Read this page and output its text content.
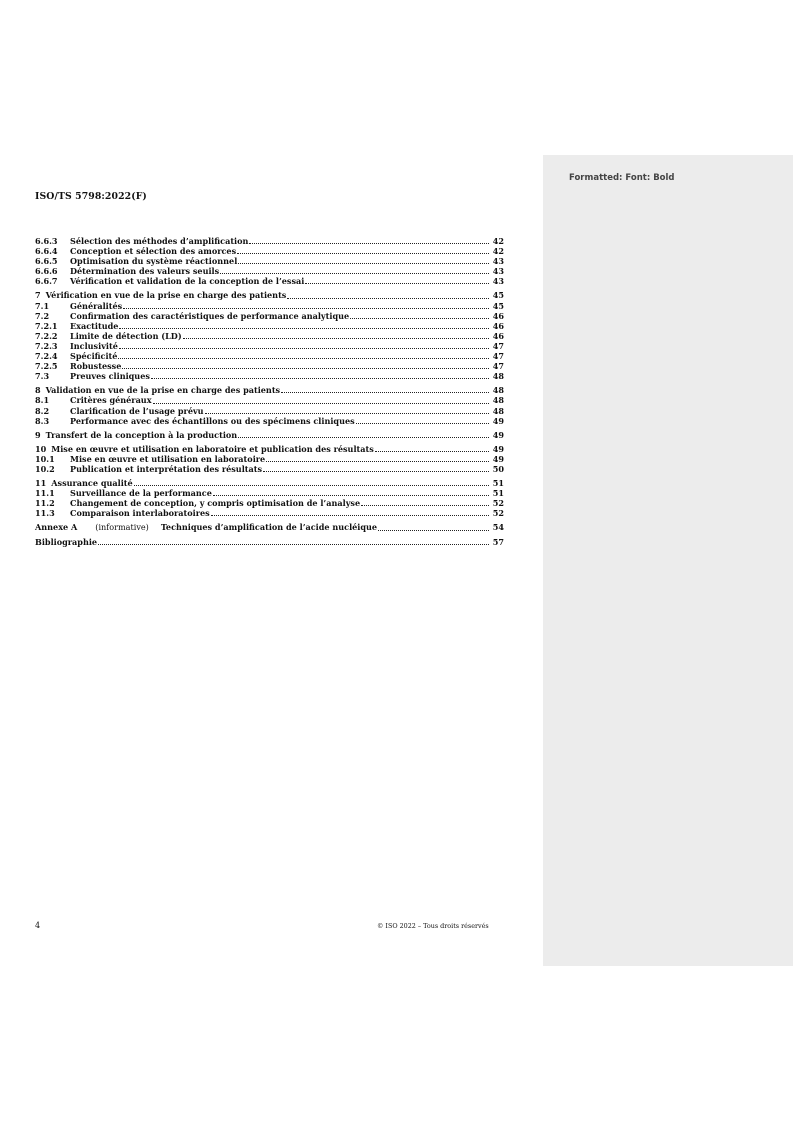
ISO/TS 5798:2022(F)
6.6.3	Sélection des méthodes d’amplification	42
6.6.4	Conception et sélection des amorces	42
6.6.5	Optimisation du système réactionnel	43
6.6.6	Détermination des valeurs seuils	43
6.6.7	Vérification et validation de la conception de l’essai	43
7 Vérification en vue de la prise en charge des patients	45
7.1	Généralités	45
7.2	Confirmation des caractéristiques de performance analytique	46
7.2.1	Exactitude	46
7.2.2	Limite de détection (LD)	46
7.2.3	Inclusivité	47
7.2.4	Spécificité	47
7.2.5	Robustesse	47
7.3	Preuves cliniques	48
8 Validation en vue de la prise en charge des patients	48
8.1	Critères généraux	48
8.2	Clarification de l’usage prévu	48
8.3	Performance avec des échantillons ou des spécimens cliniques	49
9 Transfert de la conception à la production	49
10 Mise en œuvre et utilisation en laboratoire et publication des résultats	49
10.1	Mise en œuvre et utilisation en laboratoire	49
10.2	Publication et interprétation des résultats	50
11 Assurance qualité	51
11.1	Surveillance de la performance	51
11.2	Changement de conception, y compris optimisation de l’analyse	52
11.3	Comparaison interlaboratoires	52
Annexe A (informative) Techniques d’amplification de l’acide nucléique	54
Bibliographie	57
4	© ISO 2022 – Tous droits réservés
Formatted: Font: Bold
